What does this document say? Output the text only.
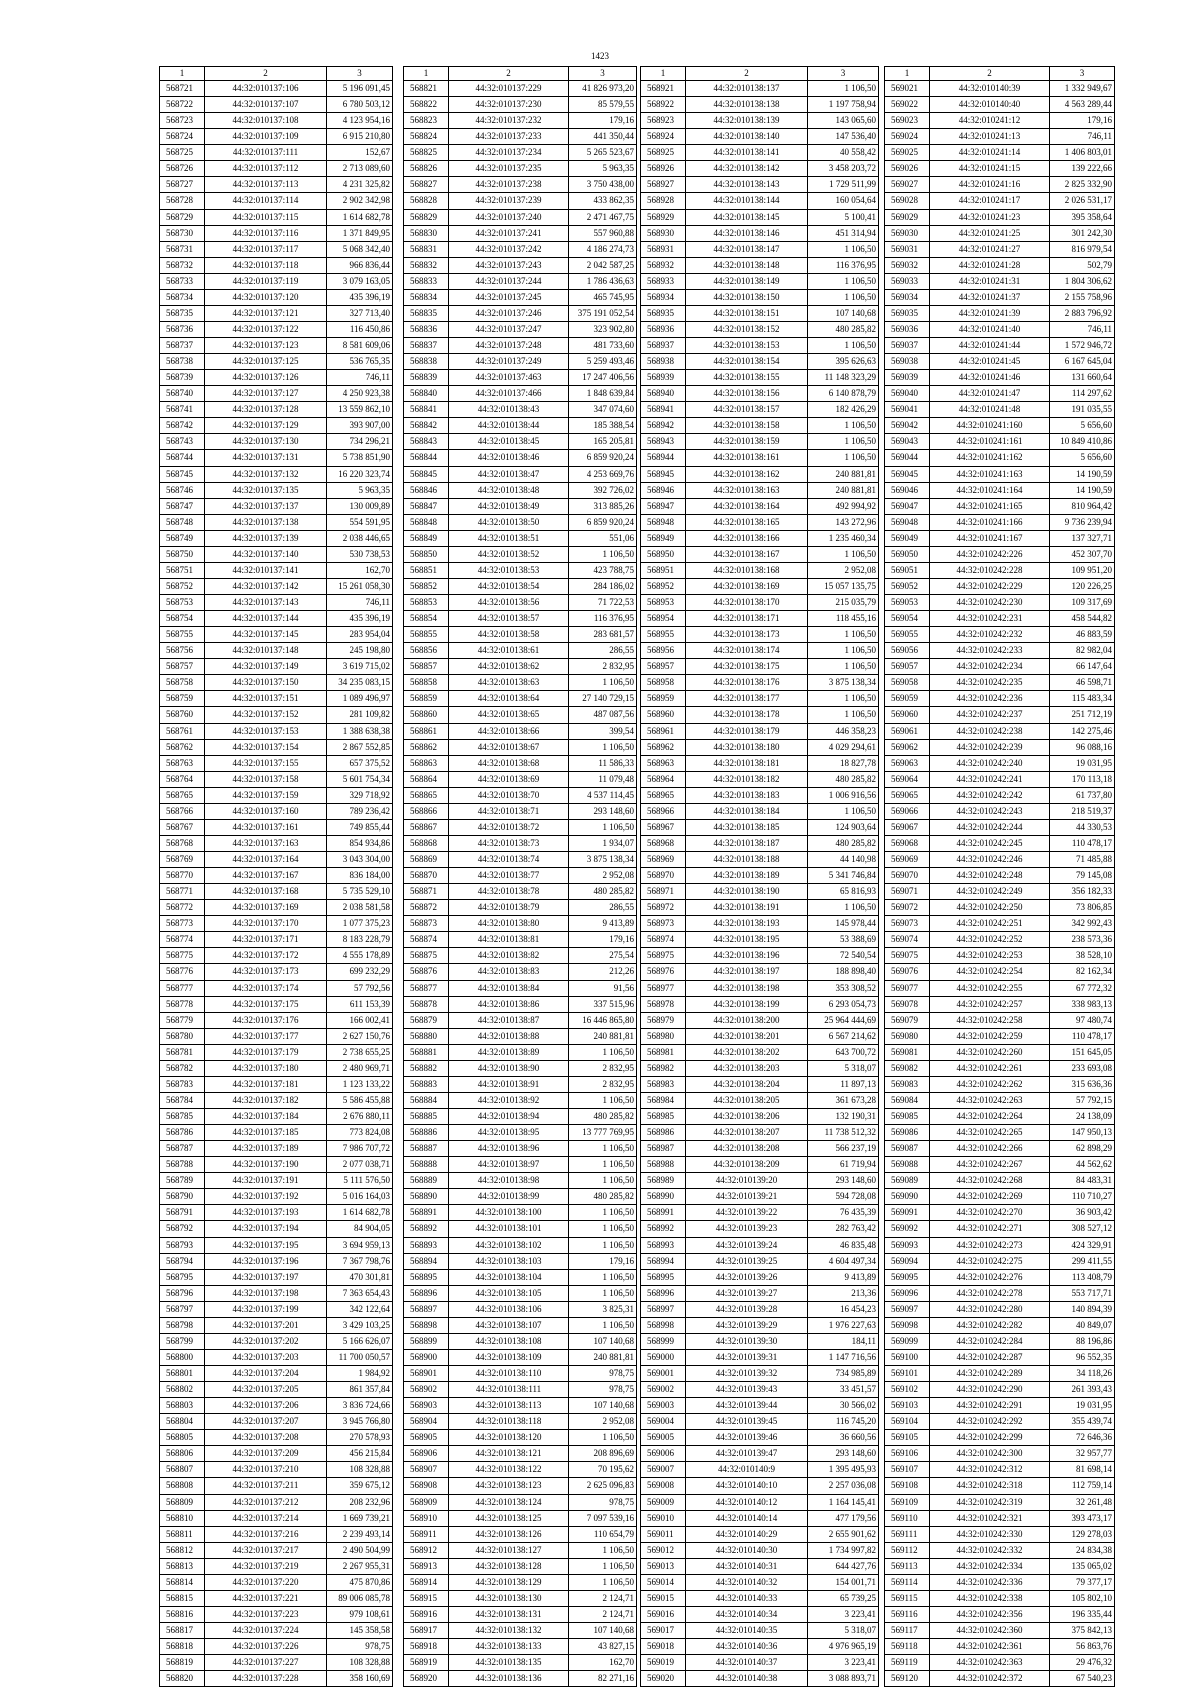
1423
1	2	3
568721	44:32:010137:106	5 196 091,45
568722	44:32:010137:107	6 780 503,12
568723	44:32:010137:108	4 123 954,16
568724	44:32:010137:109	6 915 210,80
568725	44:32:010137:111	152,67
568726	44:32:010137:112	2 713 089,60
568727	44:32:010137:113	4 231 325,82
568728	44:32:010137:114	2 902 342,98
568729	44:32:010137:115	1 614 682,78
568730	44:32:010137:116	1 371 849,95
568731	44:32:010137:117	5 068 342,40
568732	44:32:010137:118	966 836,44
568733	44:32:010137:119	3 079 163,05
568734	44:32:010137:120	435 396,19
568735	44:32:010137:121	327 713,40
568736	44:32:010137:122	116 450,86
568737	44:32:010137:123	8 581 609,06
568738	44:32:010137:125	536 765,35
568739	44:32:010137:126	746,11
568740	44:32:010137:127	4 250 923,38
568741	44:32:010137:128	13 559 862,10
568742	44:32:010137:129	393 907,00
568743	44:32:010137:130	734 296,21
568744	44:32:010137:131	5 738 851,90
568745	44:32:010137:132	16 220 323,74
568746	44:32:010137:135	5 963,35
568747	44:32:010137:137	130 009,89
568748	44:32:010137:138	554 591,95
568749	44:32:010137:139	2 038 446,65
568750	44:32:010137:140	530 738,53
568751	44:32:010137:141	162,70
568752	44:32:010137:142	15 261 058,30
568753	44:32:010137:143	746,11
568754	44:32:010137:144	435 396,19
568755	44:32:010137:145	283 954,04
568756	44:32:010137:148	245 198,80
568757	44:32:010137:149	3 619 715,02
568758	44:32:010137:150	34 235 083,15
568759	44:32:010137:151	1 089 496,97
568760	44:32:010137:152	281 109,82
568761	44:32:010137:153	1 388 638,38
568762	44:32:010137:154	2 867 552,85
568763	44:32:010137:155	657 375,52
568764	44:32:010137:158	5 601 754,34
568765	44:32:010137:159	329 718,92
568766	44:32:010137:160	789 236,42
568767	44:32:010137:161	749 855,44
568768	44:32:010137:163	854 934,86
568769	44:32:010137:164	3 043 304,00
568770	44:32:010137:167	836 184,00
568771	44:32:010137:168	5 735 529,10
568772	44:32:010137:169	2 038 581,58
568773	44:32:010137:170	1 077 375,23
568774	44:32:010137:171	8 183 228,79
568775	44:32:010137:172	4 555 178,89
568776	44:32:010137:173	699 232,29
568777	44:32:010137:174	57 792,56
568778	44:32:010137:175	611 153,39
568779	44:32:010137:176	166 002,41
568780	44:32:010137:177	2 627 150,76
568781	44:32:010137:179	2 738 655,25
568782	44:32:010137:180	2 480 969,71
568783	44:32:010137:181	1 123 133,22
568784	44:32:010137:182	5 586 455,88
568785	44:32:010137:184	2 676 880,11
568786	44:32:010137:185	773 824,08
568787	44:32:010137:189	7 986 707,72
568788	44:32:010137:190	2 077 038,71
568789	44:32:010137:191	5 111 576,50
568790	44:32:010137:192	5 016 164,03
568791	44:32:010137:193	1 614 682,78
568792	44:32:010137:194	84 904,05
568793	44:32:010137:195	3 694 959,13
568794	44:32:010137:196	7 367 798,76
568795	44:32:010137:197	470 301,81
568796	44:32:010137:198	7 363 654,43
568797	44:32:010137:199	342 122,64
568798	44:32:010137:201	3 429 103,25
568799	44:32:010137:202	5 166 626,07
568800	44:32:010137:203	11 700 050,57
568801	44:32:010137:204	1 984,92
568802	44:32:010137:205	861 357,84
568803	44:32:010137:206	3 836 724,66
568804	44:32:010137:207	3 945 766,80
568805	44:32:010137:208	270 578,93
568806	44:32:010137:209	456 215,84
568807	44:32:010137:210	108 328,88
568808	44:32:010137:211	359 675,12
568809	44:32:010137:212	208 232,96
568810	44:32:010137:214	1 669 739,21
568811	44:32:010137:216	2 239 493,14
568812	44:32:010137:217	2 490 504,99
568813	44:32:010137:219	2 267 955,31
568814	44:32:010137:220	475 870,86
568815	44:32:010137:221	89 006 085,78
568816	44:32:010137:223	979 108,61
568817	44:32:010137:224	145 358,58
568818	44:32:010137:226	978,75
568819	44:32:010137:227	108 328,88
568820	44:32:010137:228	358 160,69
1	2	3
568821	44:32:010137:229	41 826 973,20
568822	44:32:010137:230	85 579,55
568823	44:32:010137:232	179,16
568824	44:32:010137:233	441 350,44
568825	44:32:010137:234	5 265 523,67
568826	44:32:010137:235	5 963,35
568827	44:32:010137:238	3 750 438,00
568828	44:32:010137:239	433 862,35
568829	44:32:010137:240	2 471 467,75
568830	44:32:010137:241	557 960,88
568831	44:32:010137:242	4 186 274,73
568832	44:32:010137:243	2 042 587,25
568833	44:32:010137:244	1 786 436,63
568834	44:32:010137:245	465 745,95
568835	44:32:010137:246	375 191 052,54
568836	44:32:010137:247	323 902,80
568837	44:32:010137:248	481 733,60
568838	44:32:010137:249	5 259 493,46
568839	44:32:010137:463	17 247 406,56
568840	44:32:010137:466	1 848 639,84
568841	44:32:010138:43	347 074,60
568842	44:32:010138:44	185 388,54
568843	44:32:010138:45	165 205,81
568844	44:32:010138:46	6 859 920,24
568845	44:32:010138:47	4 253 669,76
568846	44:32:010138:48	392 726,02
568847	44:32:010138:49	313 885,26
568848	44:32:010138:50	6 859 920,24
568849	44:32:010138:51	551,06
568850	44:32:010138:52	1 106,50
568851	44:32:010138:53	423 788,75
568852	44:32:010138:54	284 186,02
568853	44:32:010138:56	71 722,53
568854	44:32:010138:57	116 376,95
568855	44:32:010138:58	283 681,57
568856	44:32:010138:61	286,55
568857	44:32:010138:62	2 832,95
568858	44:32:010138:63	1 106,50
568859	44:32:010138:64	27 140 729,15
568860	44:32:010138:65	487 087,56
568861	44:32:010138:66	399,54
568862	44:32:010138:67	1 106,50
568863	44:32:010138:68	11 586,33
568864	44:32:010138:69	11 079,48
568865	44:32:010138:70	4 537 114,45
568866	44:32:010138:71	293 148,60
568867	44:32:010138:72	1 106,50
568868	44:32:010138:73	1 934,07
568869	44:32:010138:74	3 875 138,34
568870	44:32:010138:77	2 952,08
568871	44:32:010138:78	480 285,82
568872	44:32:010138:79	286,55
568873	44:32:010138:80	9 413,89
568874	44:32:010138:81	179,16
568875	44:32:010138:82	275,54
568876	44:32:010138:83	212,26
568877	44:32:010138:84	91,56
568878	44:32:010138:86	337 515,96
568879	44:32:010138:87	16 446 865,80
568880	44:32:010138:88	240 881,81
568881	44:32:010138:89	1 106,50
568882	44:32:010138:90	2 832,95
568883	44:32:010138:91	2 832,95
568884	44:32:010138:92	1 106,50
568885	44:32:010138:94	480 285,82
568886	44:32:010138:95	13 777 769,95
568887	44:32:010138:96	1 106,50
568888	44:32:010138:97	1 106,50
568889	44:32:010138:98	1 106,50
568890	44:32:010138:99	480 285,82
568891	44:32:010138:100	1 106,50
568892	44:32:010138:101	1 106,50
568893	44:32:010138:102	1 106,50
568894	44:32:010138:103	179,16
568895	44:32:010138:104	1 106,50
568896	44:32:010138:105	1 106,50
568897	44:32:010138:106	3 825,31
568898	44:32:010138:107	1 106,50
568899	44:32:010138:108	107 140,68
568900	44:32:010138:109	240 881,81
568901	44:32:010138:110	978,75
568902	44:32:010138:111	978,75
568903	44:32:010138:113	107 140,68
568904	44:32:010138:118	2 952,08
568905	44:32:010138:120	1 106,50
568906	44:32:010138:121	208 896,69
568907	44:32:010138:122	70 195,62
568908	44:32:010138:123	2 625 096,83
568909	44:32:010138:124	978,75
568910	44:32:010138:125	7 097 539,16
568911	44:32:010138:126	110 654,79
568912	44:32:010138:127	1 106,50
568913	44:32:010138:128	1 106,50
568914	44:32:010138:129	1 106,50
568915	44:32:010138:130	2 124,71
568916	44:32:010138:131	2 124,71
568917	44:32:010138:132	107 140,68
568918	44:32:010138:133	43 827,15
568919	44:32:010138:135	162,70
568920	44:32:010138:136	82 271,16
1	2	3
568921	44:32:010138:137	1 106,50
568922	44:32:010138:138	1 197 758,94
568923	44:32:010138:139	143 065,60
568924	44:32:010138:140	147 536,40
568925	44:32:010138:141	40 558,42
568926	44:32:010138:142	3 458 203,72
568927	44:32:010138:143	1 729 511,99
568928	44:32:010138:144	160 054,64
568929	44:32:010138:145	5 100,41
568930	44:32:010138:146	451 314,94
568931	44:32:010138:147	1 106,50
568932	44:32:010138:148	116 376,95
568933	44:32:010138:149	1 106,50
568934	44:32:010138:150	1 106,50
568935	44:32:010138:151	107 140,68
568936	44:32:010138:152	480 285,82
568937	44:32:010138:153	1 106,50
568938	44:32:010138:154	395 626,63
568939	44:32:010138:155	11 148 323,29
568940	44:32:010138:156	6 140 878,79
568941	44:32:010138:157	182 426,29
568942	44:32:010138:158	1 106,50
568943	44:32:010138:159	1 106,50
568944	44:32:010138:161	1 106,50
568945	44:32:010138:162	240 881,81
568946	44:32:010138:163	240 881,81
568947	44:32:010138:164	492 994,92
568948	44:32:010138:165	143 272,96
568949	44:32:010138:166	1 235 460,34
568950	44:32:010138:167	1 106,50
568951	44:32:010138:168	2 952,08
568952	44:32:010138:169	15 057 135,75
568953	44:32:010138:170	215 035,79
568954	44:32:010138:171	118 455,16
568955	44:32:010138:173	1 106,50
568956	44:32:010138:174	1 106,50
568957	44:32:010138:175	1 106,50
568958	44:32:010138:176	3 875 138,34
568959	44:32:010138:177	1 106,50
568960	44:32:010138:178	1 106,50
568961	44:32:010138:179	446 358,23
568962	44:32:010138:180	4 029 294,61
568963	44:32:010138:181	18 827,78
568964	44:32:010138:182	480 285,82
568965	44:32:010138:183	1 006 916,56
568966	44:32:010138:184	1 106,50
568967	44:32:010138:185	124 903,64
568968	44:32:010138:187	480 285,82
568969	44:32:010138:188	44 140,98
568970	44:32:010138:189	5 341 746,84
568971	44:32:010138:190	65 816,93
568972	44:32:010138:191	1 106,50
568973	44:32:010138:193	145 978,44
568974	44:32:010138:195	53 388,69
568975	44:32:010138:196	72 540,54
568976	44:32:010138:197	188 898,40
568977	44:32:010138:198	353 308,52
568978	44:32:010138:199	6 293 054,73
568979	44:32:010138:200	25 964 444,69
568980	44:32:010138:201	6 567 214,62
568981	44:32:010138:202	643 700,72
568982	44:32:010138:203	5 318,07
568983	44:32:010138:204	11 897,13
568984	44:32:010138:205	361 673,28
568985	44:32:010138:206	132 190,31
568986	44:32:010138:207	11 738 512,32
568987	44:32:010138:208	566 237,19
568988	44:32:010138:209	61 719,94
568989	44:32:010139:20	293 148,60
568990	44:32:010139:21	594 728,08
568991	44:32:010139:22	76 435,39
568992	44:32:010139:23	282 763,42
568993	44:32:010139:24	46 835,48
568994	44:32:010139:25	4 604 497,34
568995	44:32:010139:26	9 413,89
568996	44:32:010139:27	213,36
568997	44:32:010139:28	16 454,23
568998	44:32:010139:29	1 976 227,63
568999	44:32:010139:30	184,11
569000	44:32:010139:31	1 147 716,56
569001	44:32:010139:32	734 985,89
569002	44:32:010139:43	33 451,57
569003	44:32:010139:44	30 566,02
569004	44:32:010139:45	116 745,20
569005	44:32:010139:46	36 660,56
569006	44:32:010139:47	293 148,60
569007	44:32:010140:9	1 395 495,93
569008	44:32:010140:10	2 257 036,08
569009	44:32:010140:12	1 164 145,41
569010	44:32:010140:14	477 179,56
569011	44:32:010140:29	2 655 901,62
569012	44:32:010140:30	1 734 997,82
569013	44:32:010140:31	644 427,76
569014	44:32:010140:32	154 001,71
569015	44:32:010140:33	65 739,25
569016	44:32:010140:34	3 223,41
569017	44:32:010140:35	5 318,07
569018	44:32:010140:36	4 976 965,19
569019	44:32:010140:37	3 223,41
569020	44:32:010140:38	3 088 893,71
1	2	3
569021	44:32:010140:39	1 332 949,67
569022	44:32:010140:40	4 563 289,44
569023	44:32:010241:12	179,16
569024	44:32:010241:13	746,11
569025	44:32:010241:14	1 406 803,01
569026	44:32:010241:15	139 222,66
569027	44:32:010241:16	2 825 332,90
569028	44:32:010241:17	2 026 531,17
569029	44:32:010241:23	395 358,64
569030	44:32:010241:25	301 242,30
569031	44:32:010241:27	816 979,54
569032	44:32:010241:28	502,79
569033	44:32:010241:31	1 804 306,62
569034	44:32:010241:37	2 155 758,96
569035	44:32:010241:39	2 883 796,92
569036	44:32:010241:40	746,11
569037	44:32:010241:44	1 572 946,72
569038	44:32:010241:45	6 167 645,04
569039	44:32:010241:46	131 660,64
569040	44:32:010241:47	114 297,62
569041	44:32:010241:48	191 035,55
569042	44:32:010241:160	5 656,60
569043	44:32:010241:161	10 849 410,86
569044	44:32:010241:162	5 656,60
569045	44:32:010241:163	14 190,59
569046	44:32:010241:164	14 190,59
569047	44:32:010241:165	810 964,42
569048	44:32:010241:166	9 736 239,94
569049	44:32:010241:167	137 327,71
569050	44:32:010242:226	452 307,70
569051	44:32:010242:228	109 951,20
569052	44:32:010242:229	120 226,25
569053	44:32:010242:230	109 317,69
569054	44:32:010242:231	458 544,82
569055	44:32:010242:232	46 883,59
569056	44:32:010242:233	82 982,04
569057	44:32:010242:234	66 147,64
569058	44:32:010242:235	46 598,71
569059	44:32:010242:236	115 483,34
569060	44:32:010242:237	251 712,19
569061	44:32:010242:238	142 275,46
569062	44:32:010242:239	96 088,16
569063	44:32:010242:240	19 031,95
569064	44:32:010242:241	170 113,18
569065	44:32:010242:242	61 737,80
569066	44:32:010242:243	218 519,37
569067	44:32:010242:244	44 330,53
569068	44:32:010242:245	110 478,17
569069	44:32:010242:246	71 485,88
569070	44:32:010242:248	79 145,08
569071	44:32:010242:249	356 182,33
569072	44:32:010242:250	73 806,85
569073	44:32:010242:251	342 992,43
569074	44:32:010242:252	238 573,36
569075	44:32:010242:253	38 528,10
569076	44:32:010242:254	82 162,34
569077	44:32:010242:255	67 772,32
569078	44:32:010242:257	338 983,13
569079	44:32:010242:258	97 480,74
569080	44:32:010242:259	110 478,17
569081	44:32:010242:260	151 645,05
569082	44:32:010242:261	233 693,08
569083	44:32:010242:262	315 636,36
569084	44:32:010242:263	57 792,15
569085	44:32:010242:264	24 138,09
569086	44:32:010242:265	147 950,13
569087	44:32:010242:266	62 898,29
569088	44:32:010242:267	44 562,62
569089	44:32:010242:268	84 483,31
569090	44:32:010242:269	110 710,27
569091	44:32:010242:270	36 903,42
569092	44:32:010242:271	308 527,12
569093	44:32:010242:273	424 329,91
569094	44:32:010242:275	299 411,55
569095	44:32:010242:276	113 408,79
569096	44:32:010242:278	553 717,71
569097	44:32:010242:280	140 894,39
569098	44:32:010242:282	40 849,07
569099	44:32:010242:284	88 196,86
569100	44:32:010242:287	96 552,35
569101	44:32:010242:289	34 118,26
569102	44:32:010242:290	261 393,43
569103	44:32:010242:291	19 031,95
569104	44:32:010242:292	355 439,74
569105	44:32:010242:299	72 646,36
569106	44:32:010242:300	32 957,77
569107	44:32:010242:312	81 698,14
569108	44:32:010242:318	112 759,14
569109	44:32:010242:319	32 261,48
569110	44:32:010242:321	393 473,17
569111	44:32:010242:330	129 278,03
569112	44:32:010242:332	24 834,38
569113	44:32:010242:334	135 065,02
569114	44:32:010242:336	79 377,17
569115	44:32:010242:338	105 802,10
569116	44:32:010242:356	196 335,44
569117	44:32:010242:360	375 842,13
569118	44:32:010242:361	56 863,76
569119	44:32:010242:363	29 476,32
569120	44:32:010242:372	67 540,23
